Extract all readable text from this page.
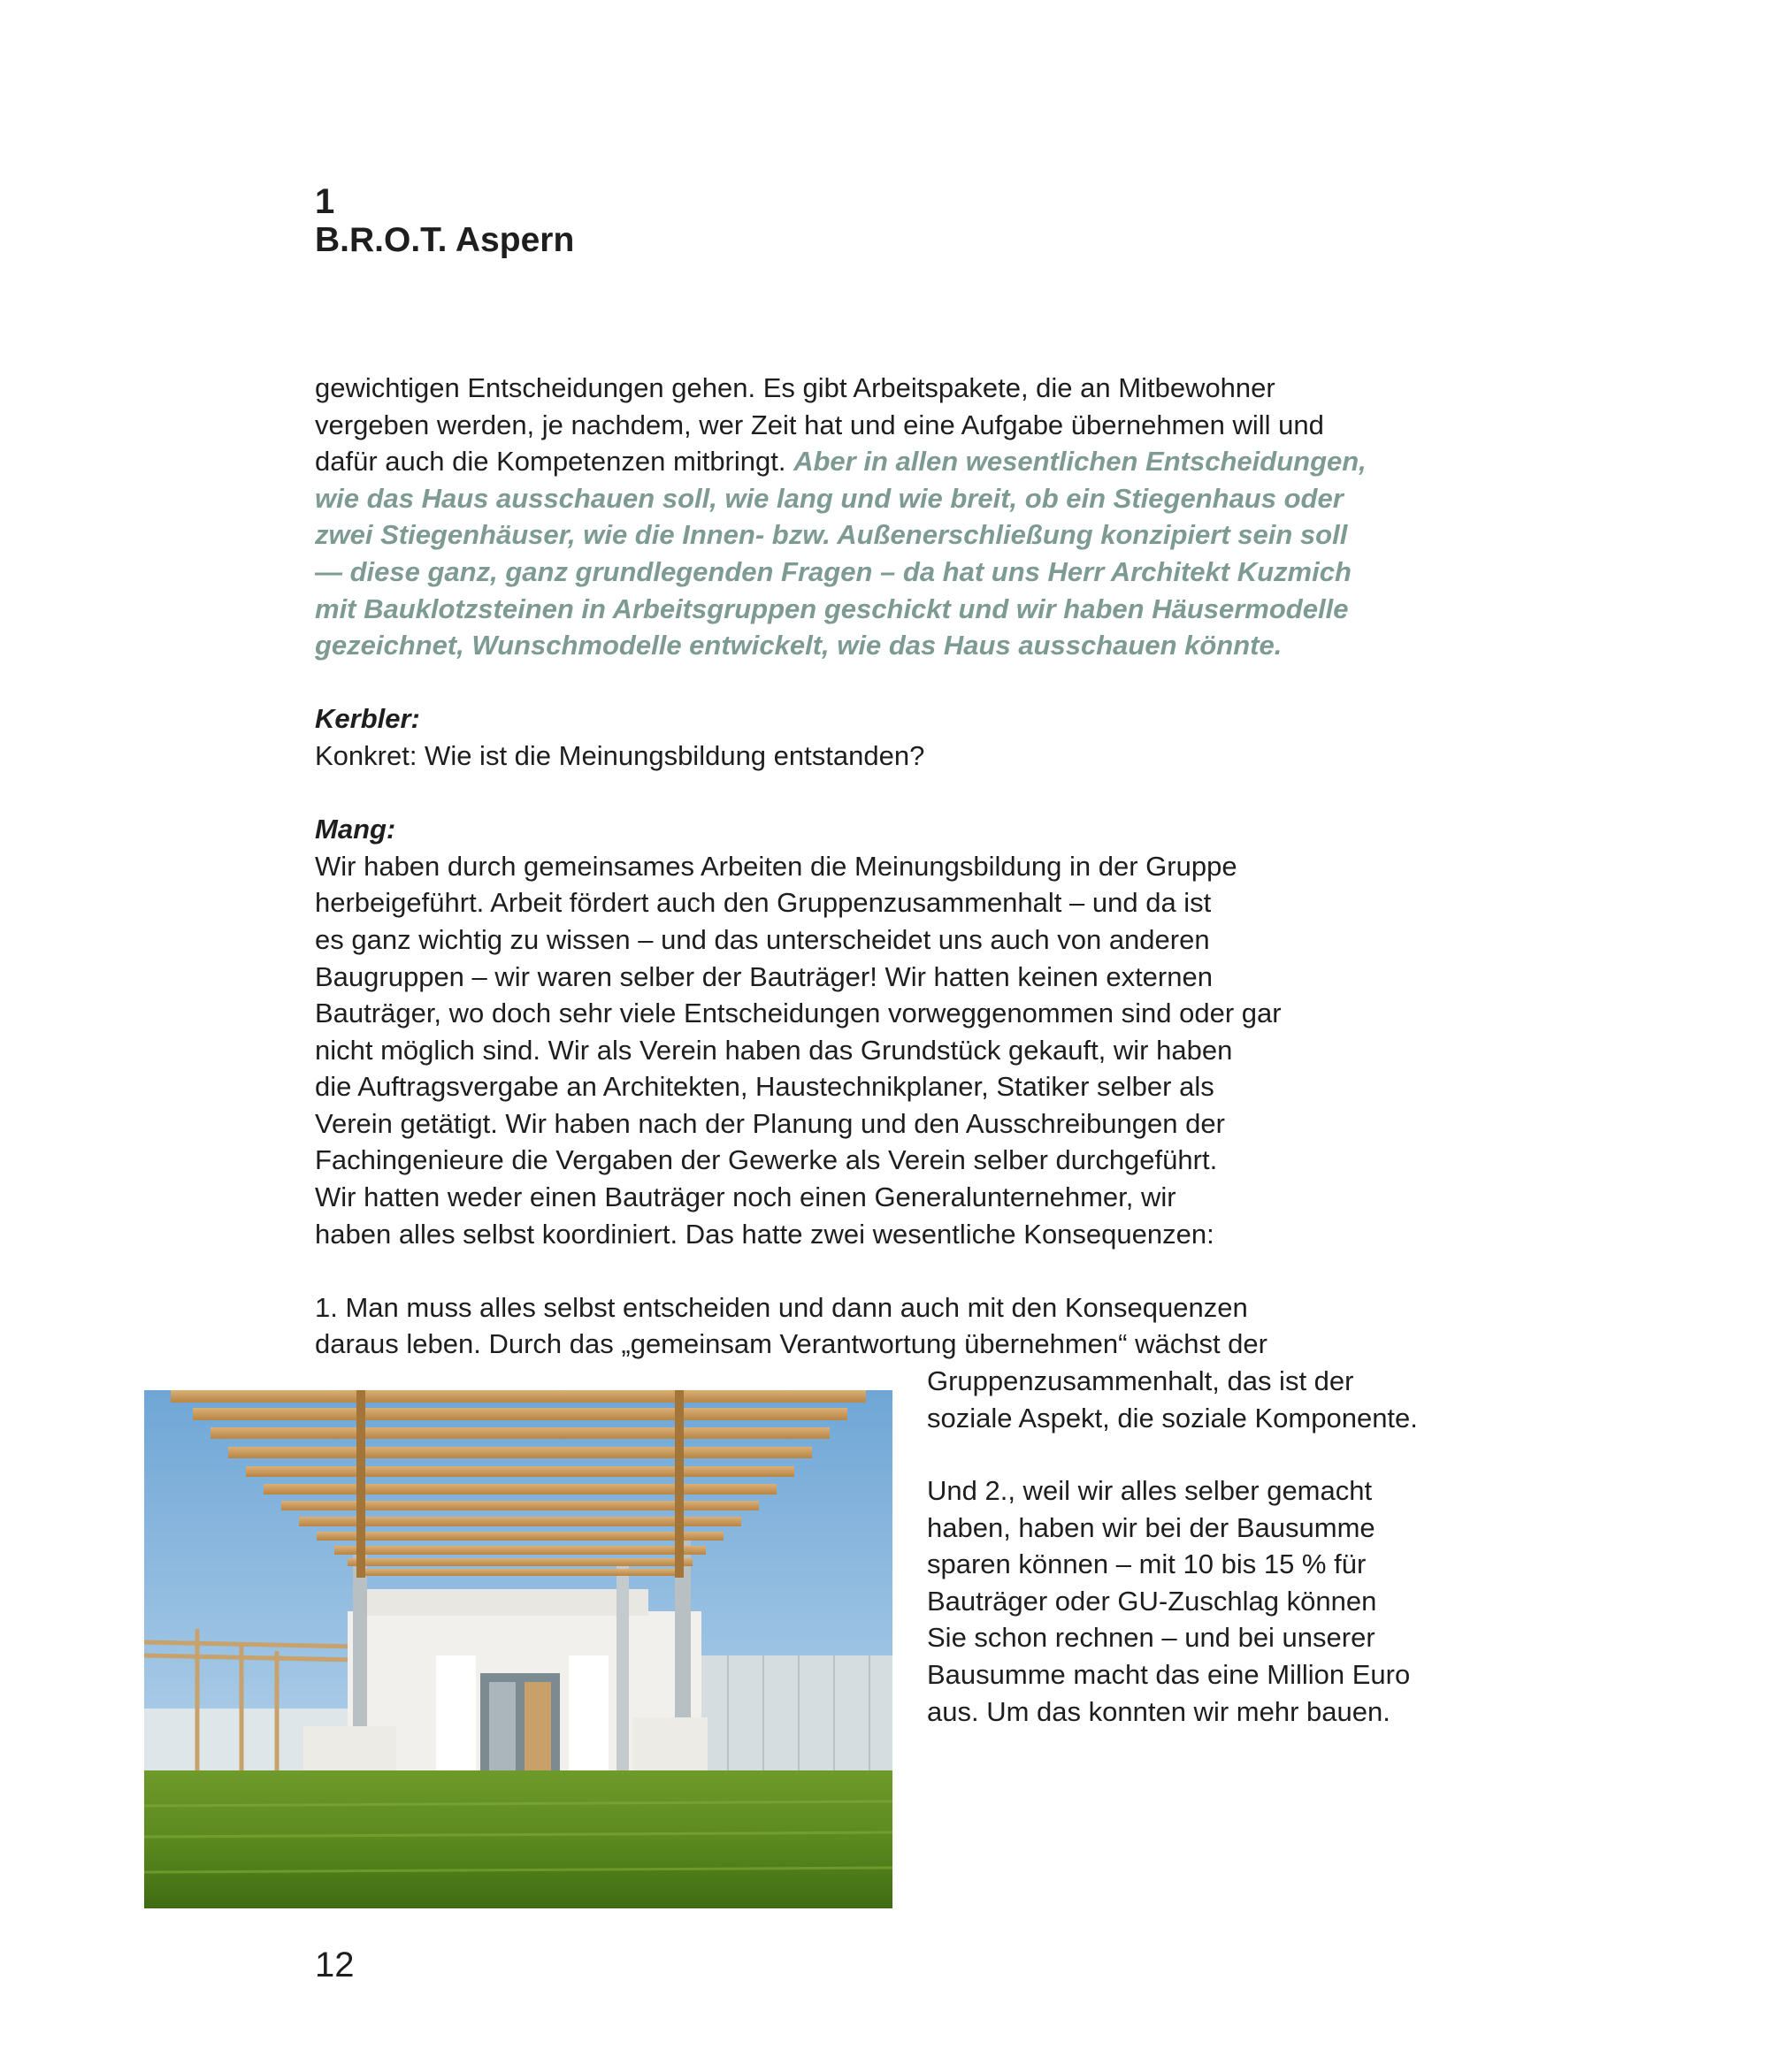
1
B.R.O.T. Aspern

gewichtigen Entscheidungen gehen. Es gibt Arbeitspakete, die an Mitbewohner
vergeben werden, je nachdem, wer Zeit hat und eine Aufgabe übernehmen will und
dafür auch die Kompetenzen mitbringt. Aber in allen wesentlichen Entscheidungen,
wie das Haus ausschauen soll, wie lang und wie breit, ob ein Stiegenhaus oder
zwei Stiegenhäuser, wie die Innen- bzw. Außenerschließung konzipiert sein soll
— diese ganz, ganz grundlegenden Fragen – da hat uns Herr Architekt Kuzmich
mit Bauklotzsteinen in Arbeitsgruppen geschickt und wir haben Häusermodelle
gezeichnet, Wunschmodelle entwickelt, wie das Haus ausschauen könnte.

Kerbler:

Konkret: Wie ist die Meinungsbildung entstanden?

Mang:

Wir haben durch gemeinsames Arbeiten die Meinungsbildung in der Gruppe
herbeigeführt. Arbeit fördert auch den Gruppenzusammenhalt – und da ist
es ganz wichtig zu wissen – und das unterscheidet uns auch von anderen
Baugruppen – wir waren selber der Bauträger! Wir hatten keinen externen
Bauträger, wo doch sehr viele Entscheidungen vorweggenommen sind oder gar
nicht möglich sind. Wir als Verein haben das Grundstück gekauft, wir haben
die Auftragsvergabe an Architekten, Haustechnikplaner, Statiker selber als
Verein getätigt. Wir haben nach der Planung und den Ausschreibungen der
Fachingenieure die Vergaben der Gewerke als Verein selber durchgeführt.
Wir hatten weder einen Bauträger noch einen Generalunternehmer, wir
haben alles selbst koordiniert. Das hatte zwei wesentliche Konsequenzen:

1. Man muss alles selbst entscheiden und dann auch mit den Konsequenzen
daraus leben. Durch das „gemeinsam Verantwortung übernehmen“ wächst der
Gruppenzusammenhalt, das ist der
soziale Aspekt, die soziale Komponente.

Und 2., weil wir alles selber gemacht
haben, haben wir bei der Bausumme
sparen können – mit 10 bis 15 % für
Bauträger oder GU-Zuschlag können
Sie schon rechnen – und bei unserer
Bausumme macht das eine Million Euro
aus. Um das konnten wir mehr bauen.

12
